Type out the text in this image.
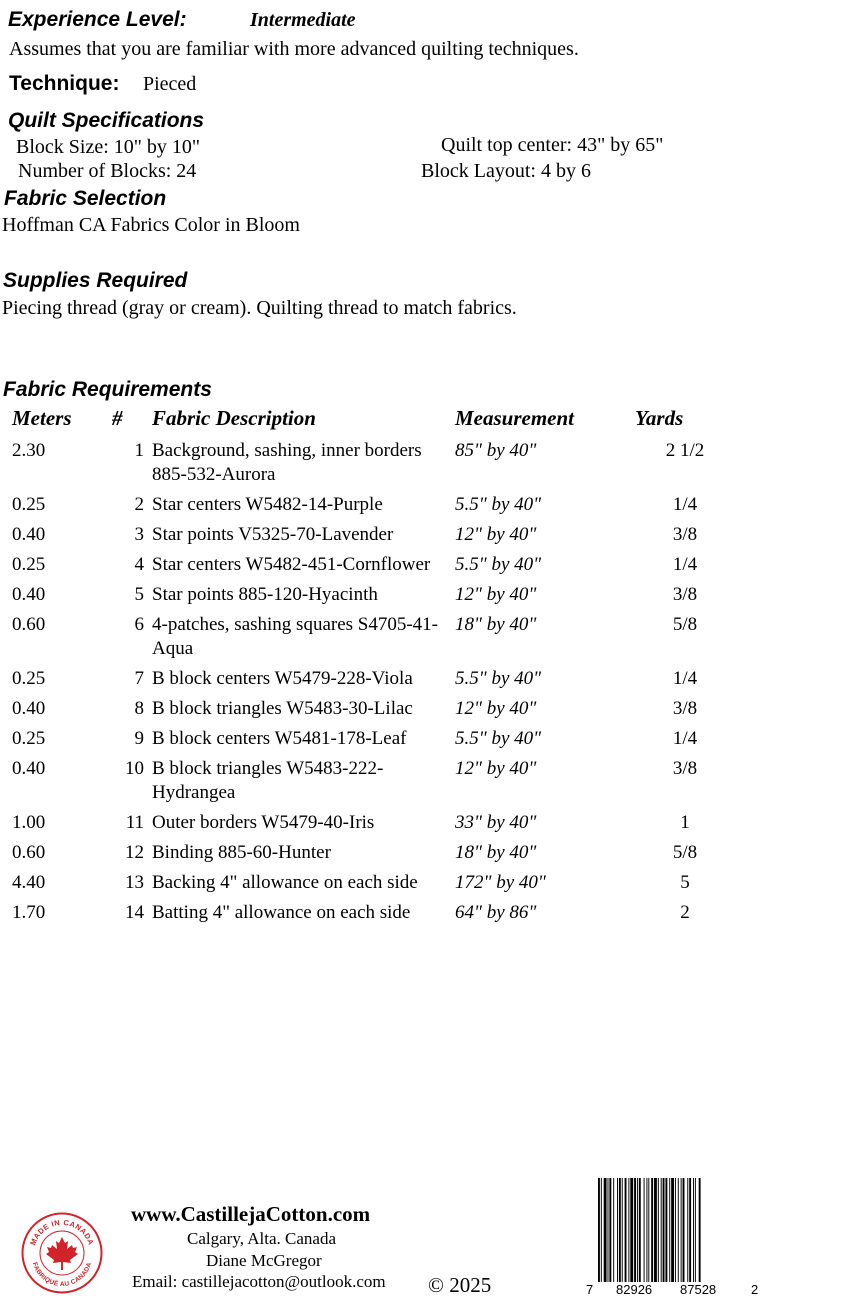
Experience Level:	Intermediate
Assumes that you are familiar with more advanced quilting techniques.
Technique: Pieced
Quilt Specifications
Block Size: 10" by 10"
Number of Blocks: 24
Quilt top center: 43" by 65"
Block Layout: 4 by 6
Fabric Selection
Hoffman CA Fabrics Color in Bloom
Supplies Required
Piecing thread (gray or cream). Quilting thread to match fabrics.
Fabric Requirements
Meters	#	Fabric Description	Measurement	Yards
2.30	1	Background, sashing, inner borders 885-532-Aurora	85" by 40"	2 1/2
0.25	2	Star centers W5482-14-Purple	5.5" by 40"	1/4
0.40	3	Star points V5325-70-Lavender	12" by 40"	3/8
0.25	4	Star centers W5482-451-Cornflower	5.5" by 40"	1/4
0.40	5	Star points 885-120-Hyacinth	12" by 40"	3/8
0.60	6	4-patches, sashing squares S4705-41-Aqua	18" by 40"	5/8
0.25	7	B block centers W5479-228-Viola	5.5" by 40"	1/4
0.40	8	B block triangles W5483-30-Lilac	12" by 40"	3/8
0.25	9	B block centers W5481-178-Leaf	5.5" by 40"	1/4
0.40	10	B block triangles W5483-222-Hydrangea	12" by 40"	3/8
1.00	11	Outer borders W5479-40-Iris	33" by 40"	1
0.60	12	Binding 885-60-Hunter	18" by 40"	5/8
4.40	13	Backing 4" allowance on each side	172" by 40"	5
1.70	14	Batting 4" allowance on each side	64" by 86"	2
MADE IN CANADA
FABRIQUÉ AU CANADA
www.CastillejaCotton.com
Calgary, Alta. Canada
Diane McGregor
Email: castillejacotton@outlook.com © 2025	7 82926 87528	2
